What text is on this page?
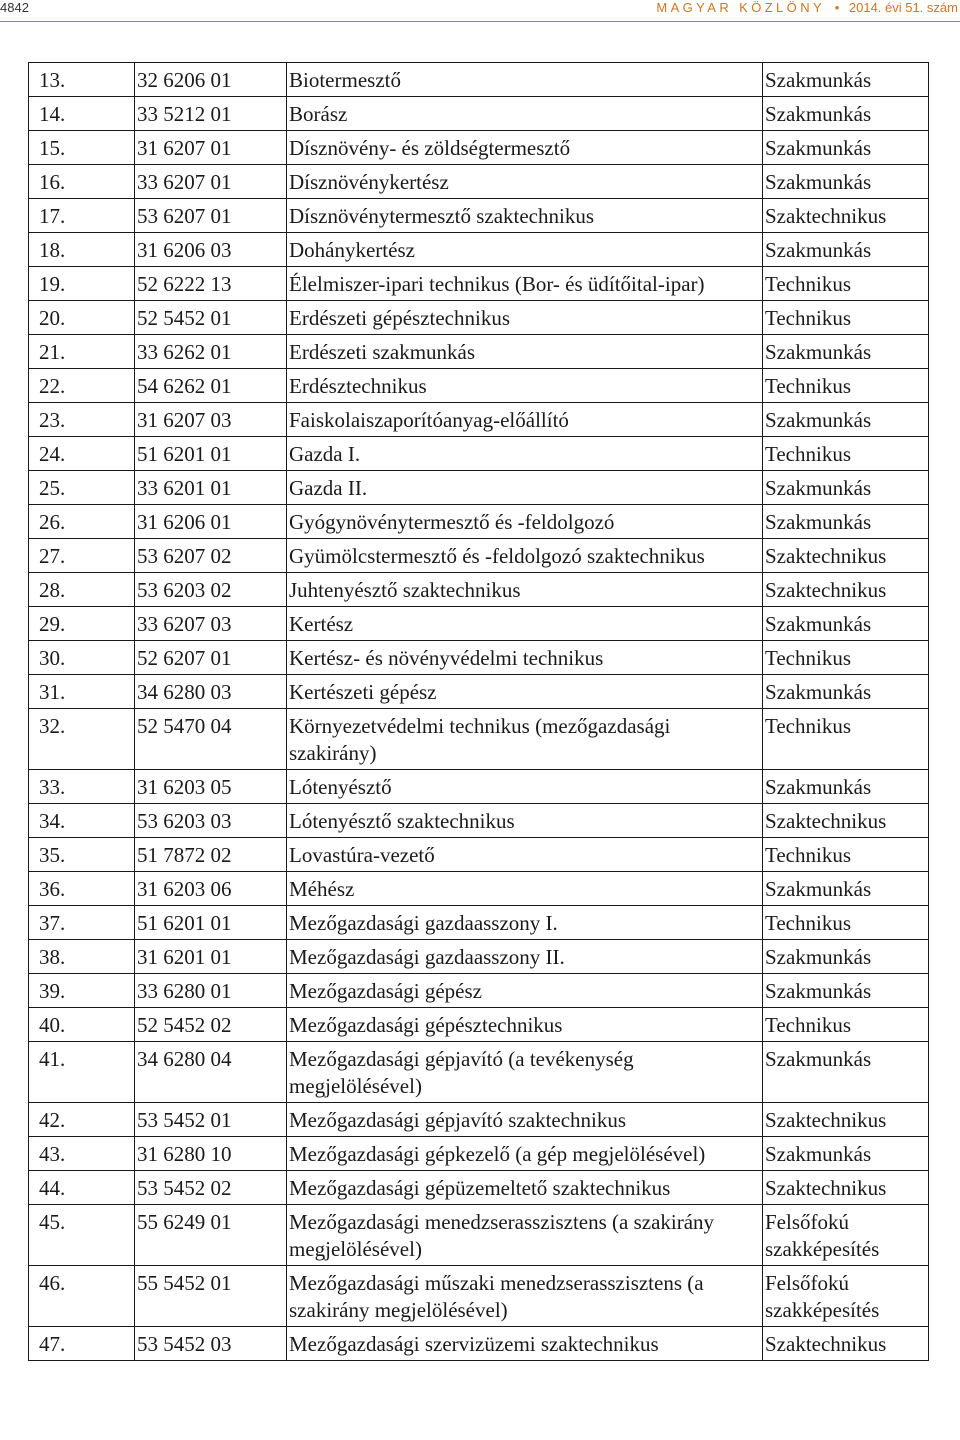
4842	MAGYAR KÖZLÖNY • 2014. évi 51. szám
13.	32 6206 01	Biotermesztő	Szakmunkás
14.	33 5212 01	Borász	Szakmunkás
15.	31 6207 01	Dísznövény- és zöldségtermesztő	Szakmunkás
16.	33 6207 01	Dísznövénykertész	Szakmunkás
17.	53 6207 01	Dísznövénytermesztő szaktechnikus	Szaktechnikus
18.	31 6206 03	Dohánykertész	Szakmunkás
19.	52 6222 13	Élelmiszer-ipari technikus (Bor- és üdítőital-ipar)	Technikus
20.	52 5452 01	Erdészeti gépésztechnikus	Technikus
21.	33 6262 01	Erdészeti szakmunkás	Szakmunkás
22.	54 6262 01	Erdésztechnikus	Technikus
23.	31 6207 03	Faiskolaiszaporítóanyag-előállító	Szakmunkás
24.	51 6201 01	Gazda I.	Technikus
25.	33 6201 01	Gazda II.	Szakmunkás
26.	31 6206 01	Gyógynövénytermesztő és -feldolgozó	Szakmunkás
27.	53 6207 02	Gyümölcstermesztő és -feldolgozó szaktechnikus	Szaktechnikus
28.	53 6203 02	Juhtenyésztő szaktechnikus	Szaktechnikus
29.	33 6207 03	Kertész	Szakmunkás
30.	52 6207 01	Kertész- és növényvédelmi technikus	Technikus
31.	34 6280 03	Kertészeti gépész	Szakmunkás
32.	52 5470 04	Környezetvédelmi technikus (mezőgazdasági szakirány)	Technikus
33.	31 6203 05	Lótenyésztő	Szakmunkás
34.	53 6203 03	Lótenyésztő szaktechnikus	Szaktechnikus
35.	51 7872 02	Lovastúra-vezető	Technikus
36.	31 6203 06	Méhész	Szakmunkás
37.	51 6201 01	Mezőgazdasági gazdaasszony I.	Technikus
38.	31 6201 01	Mezőgazdasági gazdaasszony II.	Szakmunkás
39.	33 6280 01	Mezőgazdasági gépész	Szakmunkás
40.	52 5452 02	Mezőgazdasági gépésztechnikus	Technikus
41.	34 6280 04	Mezőgazdasági gépjavító (a tevékenység megjelölésével)	Szakmunkás
42.	53 5452 01	Mezőgazdasági gépjavító szaktechnikus	Szaktechnikus
43.	31 6280 10	Mezőgazdasági gépkezelő (a gép megjelölésével)	Szakmunkás
44.	53 5452 02	Mezőgazdasági gépüzemeltető szaktechnikus	Szaktechnikus
45.	55 6249 01	Mezőgazdasági menedzserasszisztens (a szakirány megjelölésével)	Felsőfokú szakképesítés
46.	55 5452 01	Mezőgazdasági műszaki menedzserasszisztens (a szakirány megjelölésével)	Felsőfokú szakképesítés
47.	53 5452 03	Mezőgazdasági szervizüzemi szaktechnikus	Szaktechnikus
